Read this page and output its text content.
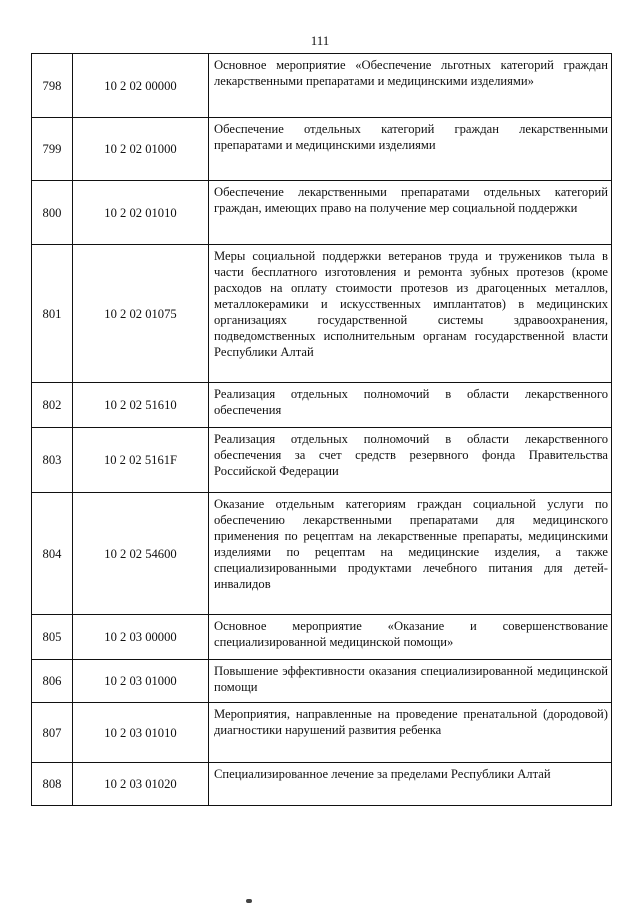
111
798	10 2 02 00000	Основное мероприятие «Обеспечение льготных категорий граждан лекарственными препаратами и медицинскими изделиями»

799	10 2 02 01000	Обеспечение отдельных категорий граждан лекарственными препаратами и медицинскими изделиями

800	10 2 02 01010	Обеспечение лекарственными препаратами отдельных категорий граждан, имеющих право на получение мер социальной поддержки

801	10 2 02 01075	Меры социальной поддержки ветеранов труда и тружеников тыла в части бесплатного изготовления и ремонта зубных протезов (кроме расходов на оплату стоимости протезов из драгоценных металлов, металлокерамики и искусственных имплантатов) в медицинских организациях государственной системы здравоохранения, подведомственных исполнительным органам государственной власти Республики Алтай

802	10 2 02 51610	Реализация отдельных полномочий в области лекарственного обеспечения

803	10 2 02 5161F	Реализация отдельных полномочий в области лекарственного обеспечения за счет средств резервного фонда Правительства Российской Федерации

804	10 2 02 54600	Оказание отдельным категориям граждан социальной услуги по обеспечению лекарственными препаратами для медицинского применения по рецептам на лекарственные препараты, медицинскими изделиями по рецептам на медицинские изделия, а также специализированными продуктами лечебного питания для детей-инвалидов

805	10 2 03 00000	Основное мероприятие «Оказание и совершенствование специализированной медицинской помощи»

806	10 2 03 01000	Повышение эффективности оказания специализированной медицинской помощи

807	10 2 03 01010	Мероприятия, направленные на проведение пренатальной (дородовой) диагностики нарушений развития ребенка

808	10 2 03 01020	Специализированное лечение за пределами Республики Алтай
